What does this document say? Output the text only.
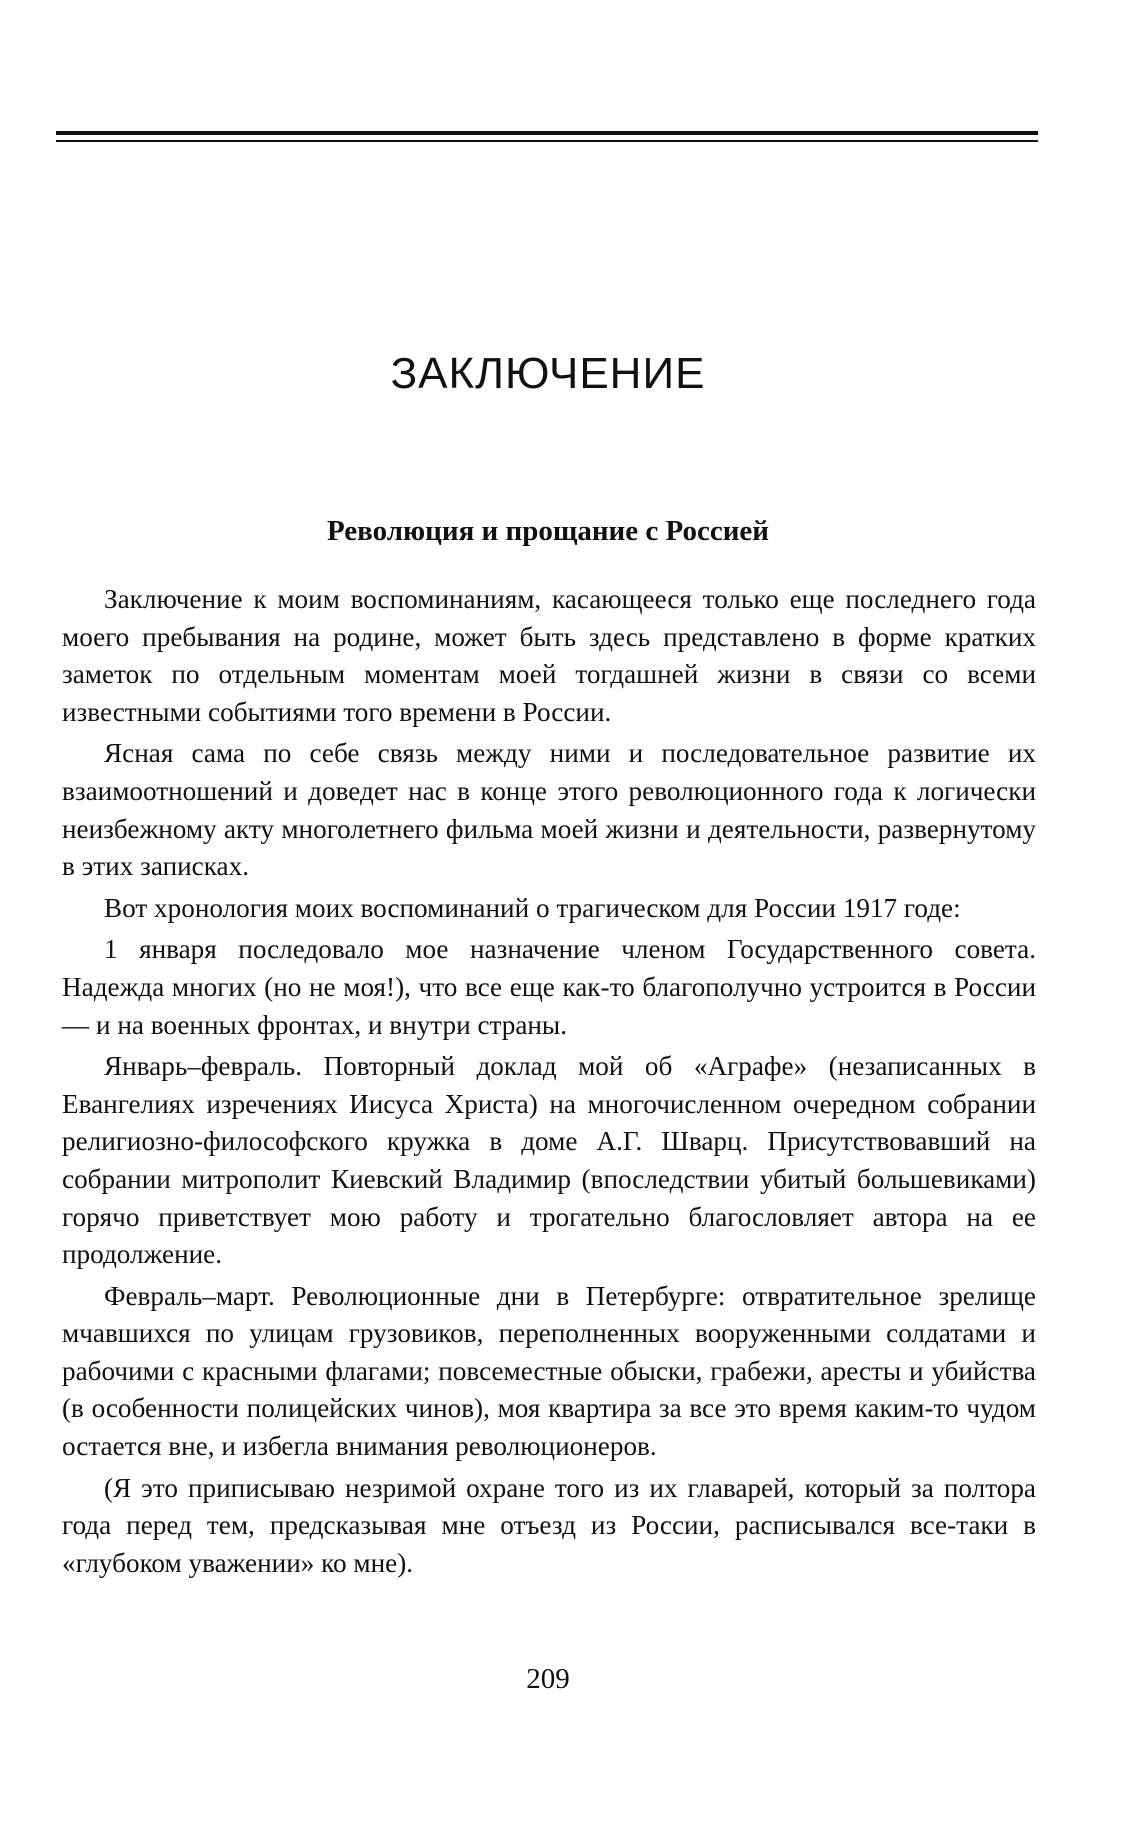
ЗАКЛЮЧЕНИЕ
Революция и прощание с Россией

Заключение к моим воспоминаниям, касающееся только еще последнего года моего пребывания на родине, может быть здесь представлено в форме кратких заметок по отдельным моментам моей тогдашней жизни в связи со всеми известными событиями того времени в России.

Ясная сама по себе связь между ними и последовательное развитие их взаимоотношений и доведет нас в конце этого революционного года к логически неизбежному акту многолетнего фильма моей жизни и деятельности, развернутому в этих записках.

Вот хронология моих воспоминаний о трагическом для России 1917 годе:

1 января последовало мое назначение членом Государственного совета. Надежда многих (но не моя!), что все еще как-то благополучно устроится в России — и на военных фронтах, и внутри страны.

Январь–февраль. Повторный доклад мой об «Аграфе» (незаписанных в Евангелиях изречениях Иисуса Христа) на многочисленном очередном собрании религиозно-философского кружка в доме А.Г. Шварц. Присутствовавший на собрании митрополит Киевский Владимир (впоследствии убитый большевиками) горячо приветствует мою работу и трогательно благословляет автора на ее продолжение.

Февраль–март. Революционные дни в Петербурге: отвратительное зрелище мчавшихся по улицам грузовиков, переполненных вооруженными солдатами и рабочими с красными флагами; повсеместные обыски, грабежи, аресты и убийства (в особенности полицейских чинов), моя квартира за все это время каким-то чудом остается вне, и избегла внимания революционеров.

(Я это приписываю незримой охране того из их главарей, который за полтора года перед тем, предсказывая мне отъезд из России, расписывался все-таки в «глубоком уважении» ко мне).

209
